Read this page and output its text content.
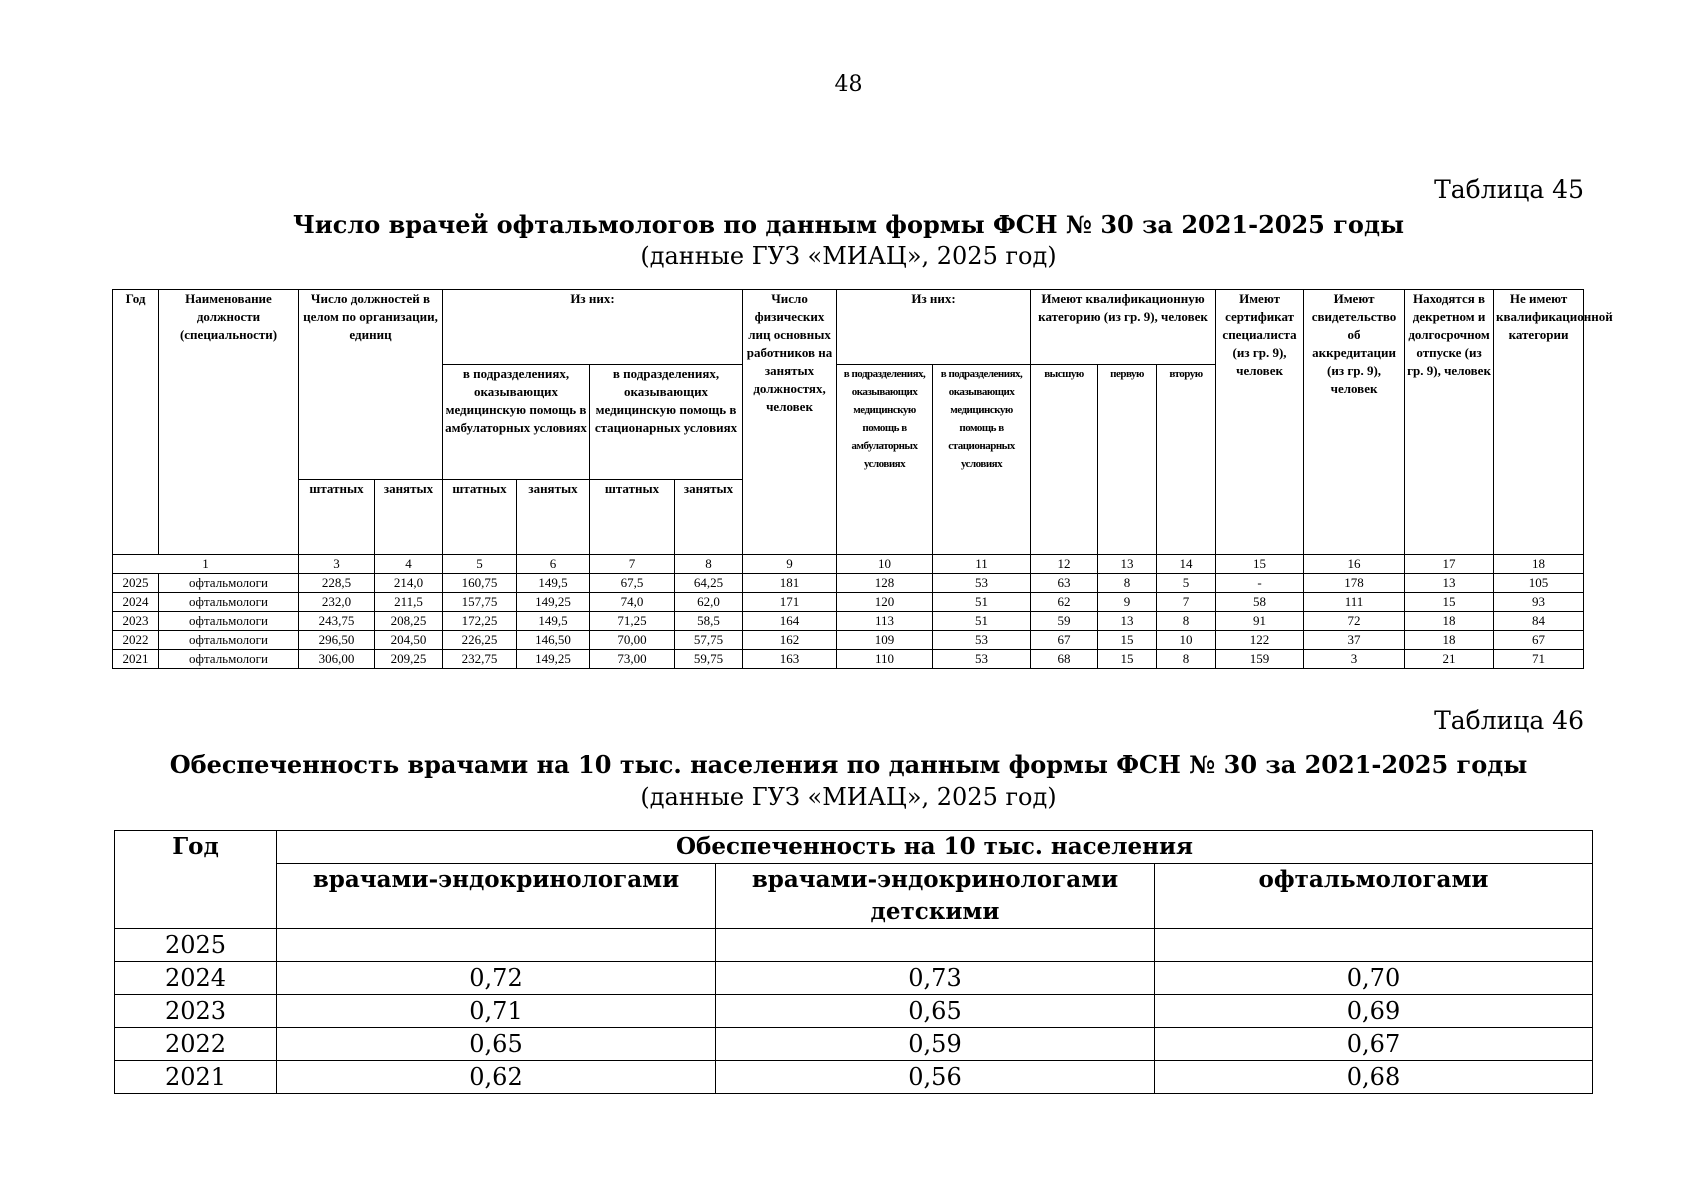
48
Таблица 45
Число врачей офтальмологов по данным формы ФСН № 30 за 2021-2025 годы
(данные ГУЗ «МИАЦ», 2025 год)
Год	Наименование должности (специальности)	Число должностей в целом по организации, единиц		Из них:				Число физических лиц основных работников на занятых должностях, человек	Из них:		Имеют квалификационную категорию (из гр. 9), человек			Имеют сертификат специалиста (из гр. 9), человек	Имеют свидетельство об аккредитации (из гр. 9), человек	Находятся в декретном и долгосрочном отпуске (из гр. 9), человек	Не имеют квалификационной категории
				в подразделениях, оказывающих медицинскую помощь в амбулаторных условиях		в подразделениях, оказывающих медицинскую помощь в стационарных условиях			в подразделениях, оказывающих медицинскую помощь в амбулаторных условиях	в подразделениях, оказывающих медицинскую помощь в стационарных условиях	высшую	первую	вторую				
		штатных	занятых	штатных	занятых	штатных	занятых										
1		3	4	5	6	7	8	9	10	11	12	13	14	15	16	17	18
2025	офтальмологи	228,5	214,0	160,75	149,5	67,5	64,25	181	128	53	63	8	5	-	178	13	105
2024	офтальмологи	232,0	211,5	157,75	149,25	74,0	62,0	171	120	51	62	9	7	58	111	15	93
2023	офтальмологи	243,75	208,25	172,25	149,5	71,25	58,5	164	113	51	59	13	8	91	72	18	84
2022	офтальмологи	296,50	204,50	226,25	146,50	70,00	57,75	162	109	53	67	15	10	122	37	18	67
2021	офтальмологи	306,00	209,25	232,75	149,25	73,00	59,75	163	110	53	68	15	8	159	3	21	71
Таблица 46
Обеспеченность врачами на 10 тыс. населения по данным формы ФСН № 30 за 2021-2025 годы
(данные ГУЗ «МИАЦ», 2025 год)
Год	Обеспеченность на 10 тыс. населения		
	врачами-эндокринологами	врачами-эндокринологами детскими	офтальмологами
2025			
2024	0,72	0,73	0,70
2023	0,71	0,65	0,69
2022	0,65	0,59	0,67
2021	0,62	0,56	0,68
